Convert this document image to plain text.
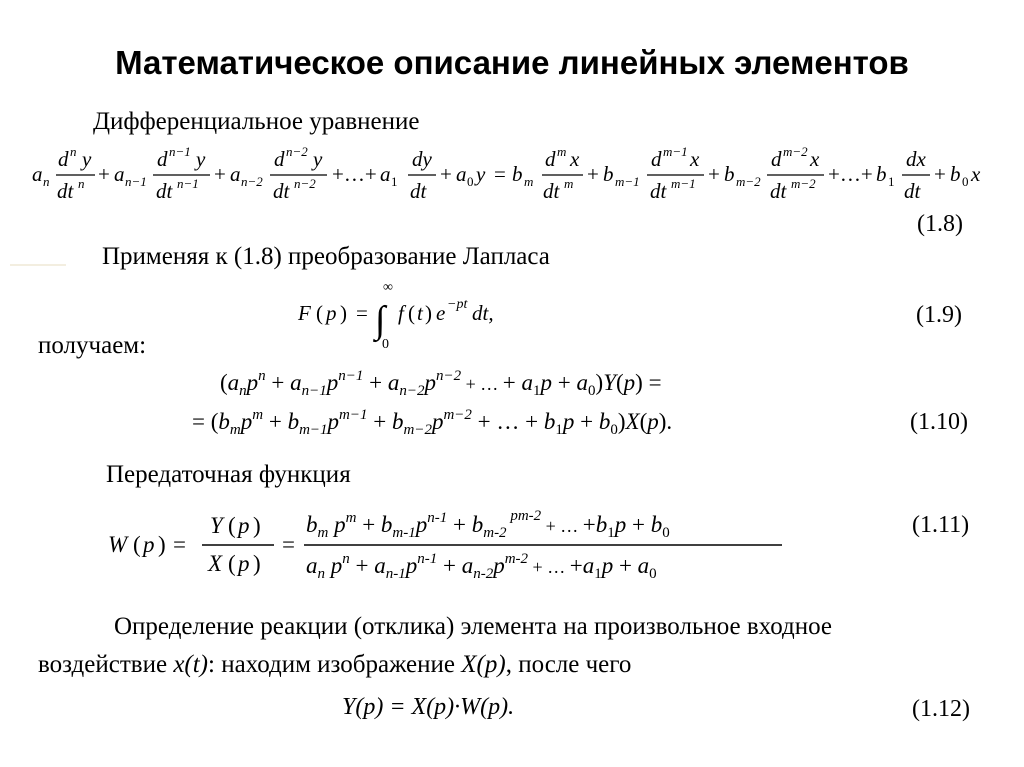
Математическое описание линейных элементов
Дифференциальное уравнение
a n
d n y
dt n + a n−1
d n−1 y
dt n−1 + a n−2
d n−2 y
dt n−2 +…+ a 1
dy
dt
+ a 0 y = b m
d m x
dt m + b m−1
d m−1 x
dt m−1 + b m−2
d m−2 x
dt m−2 +…+ b 1
dx
dt
+ b 0 x
(1.8)
Применяя к (1.8) преобразование Лапласа
F ( p ) = ∫
∞
0
f ( t ) e −pt dt,	(1.9)
получаем:
($a_np^n + a_{n-1}p^{n-1} + a_{n-2}p^{n-2}$ $_{+ \dots} + a_1p + a_0)Y(p)$ =
= ($b_mp^m + b_{m-1}p^{m-1} + b_{m-2}p^{m-2}$ + … + $b_1p + b_0)X(p)$.	(1.10)
Передаточная функция
W ( p ) =
Y ( p )
X ( p )
=
$b_m$ $p^m + b_{m-1}p^{n-1} + b_{m-2}$ $^{pm-2}$ $_{+ \dots} +b_1p + b_0$
$a_n$ $p^n + a_{n-1}p^{n-1} + a_{n-2}p^{m-2}$ $_{+ \dots} +a_1p + a_0$
(1.11)
Определение реакции (отклика) элемента на произвольное входное
воздействие x(t): находим изображение X(p), после чего
Y(p) = X(p)·W(p).	(1.12)
